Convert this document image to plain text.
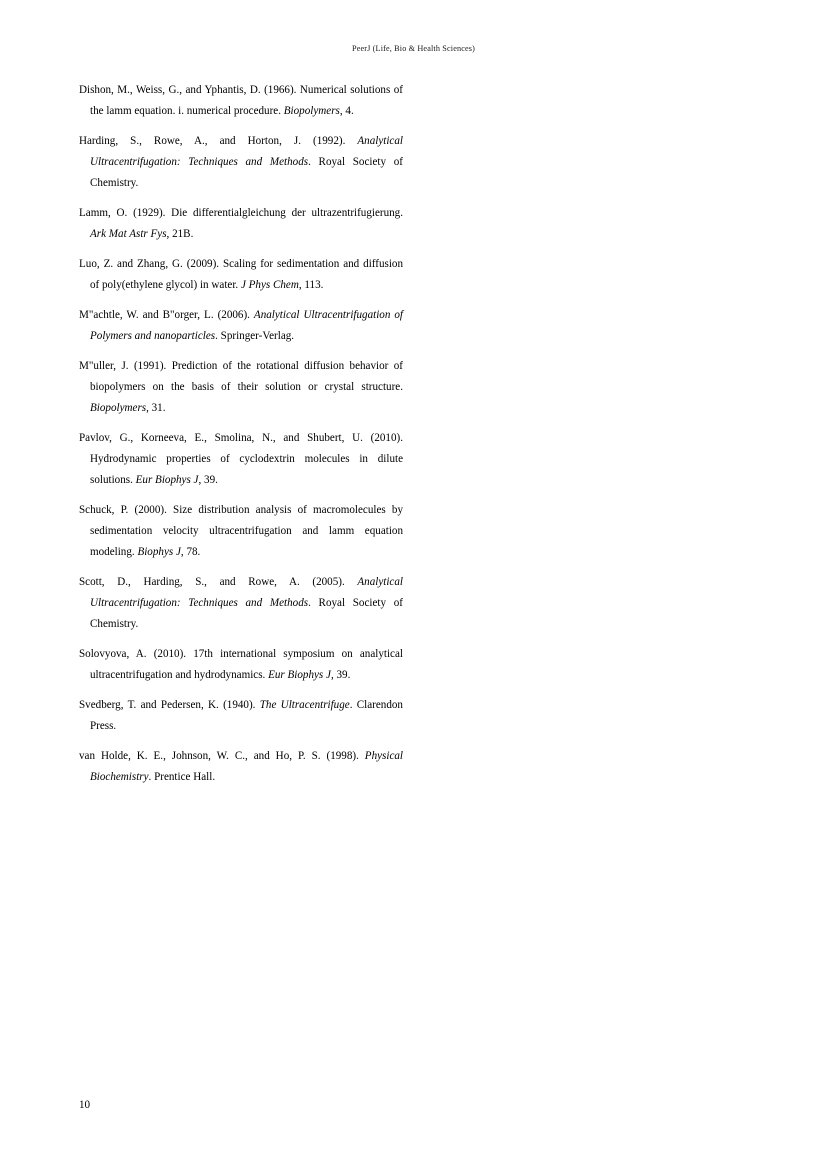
PeerJ (Life, Bio & Health Sciences)

Dishon, M., Weiss, G., and Yphantis, D. (1966). Numerical solutions of the lamm equation. i. numerical procedure. Biopolymers, 4.

Harding, S., Rowe, A., and Horton, J. (1992). Analytical Ultracentrifugation: Techniques and Methods. Royal Society of Chemistry.

Lamm, O. (1929). Die differentialgleichung der ultrazentrifugierung. Ark Mat Astr Fys, 21B.

Luo, Z. and Zhang, G. (2009). Scaling for sedimentation and diffusion of poly(ethylene glycol) in water. J Phys Chem, 113.

M"achtle, W. and B"orger, L. (2006). Analytical Ultracentrifugation of Polymers and nanoparticles. Springer-Verlag.

M"uller, J. (1991). Prediction of the rotational diffusion behavior of biopolymers on the basis of their solution or crystal structure. Biopolymers, 31.

Pavlov, G., Korneeva, E., Smolina, N., and Shubert, U. (2010). Hydrodynamic properties of cyclodextrin molecules in dilute solutions. Eur Biophys J, 39.

Schuck, P. (2000). Size distribution analysis of macromolecules by sedimentation velocity ultracentrifugation and lamm equation modeling. Biophys J, 78.

Scott, D., Harding, S., and Rowe, A. (2005). Analytical Ultracentrifugation: Techniques and Methods. Royal Society of Chemistry.

Solovyova, A. (2010). 17th international symposium on analytical ultracentrifugation and hydrodynamics. Eur Biophys J, 39.

Svedberg, T. and Pedersen, K. (1940). The Ultracentrifuge. Clarendon Press.

van Holde, K. E., Johnson, W. C., and Ho, P. S. (1998). Physical Biochemistry. Prentice Hall.

10
